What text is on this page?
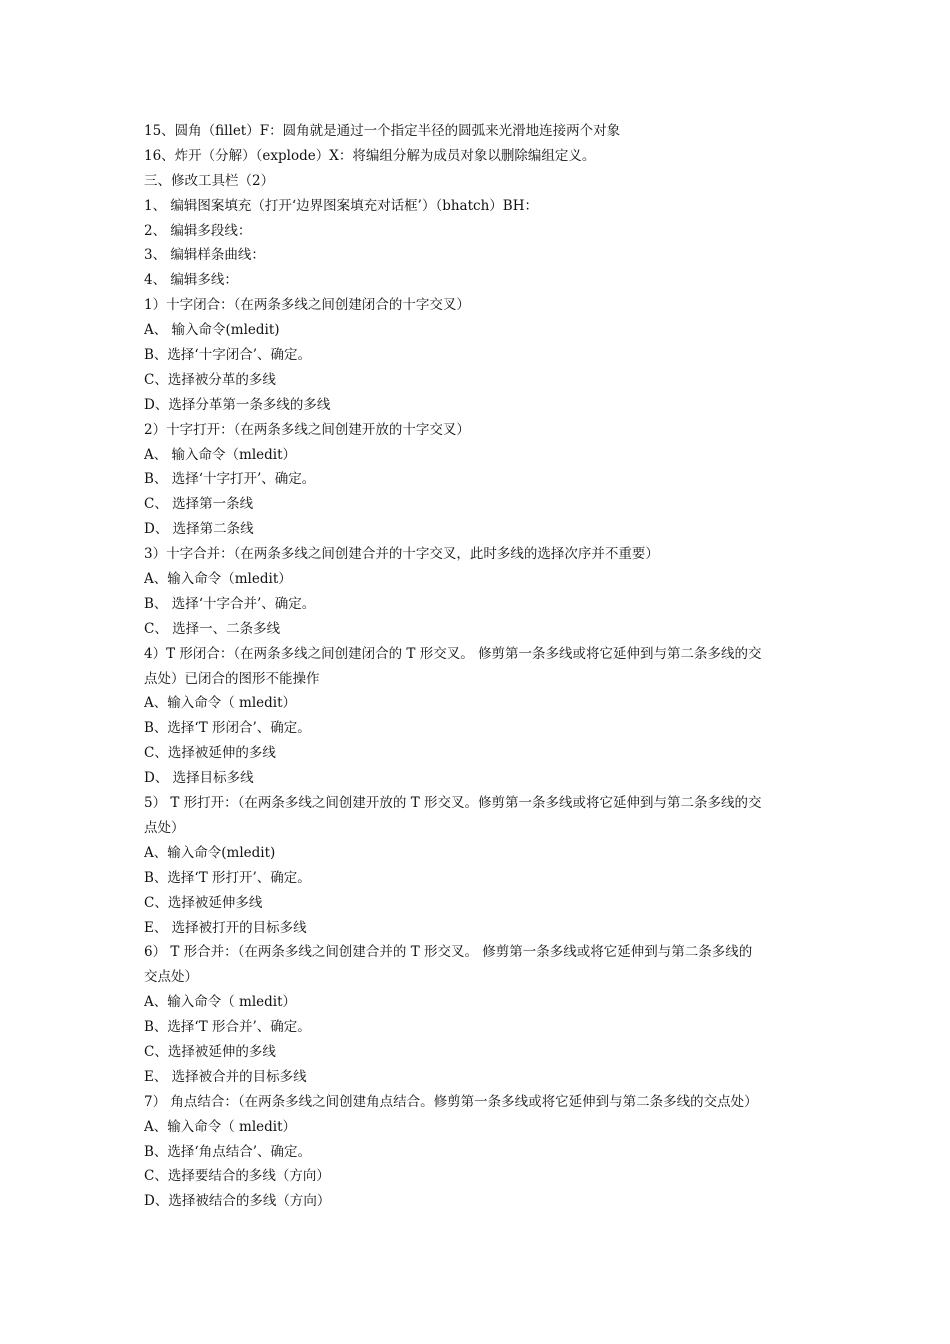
15、圆角（fillet）F：圆角就是通过一个指定半径的圆弧来光滑地连接两个对象
16、炸开（分解）（explode）X：将编组分解为成员对象以删除编组定义。
三、修改工具栏（2）
1、 编辑图案填充（打开‘边界图案填充对话框’）（bhatch）BH：
2、 编辑多段线：
3、 编辑样条曲线：
4、 编辑多线：
1）十字闭合：（在两条多线之间创建闭合的十字交叉）
A、 输入命令(mledit)
B、选择‘十字闭合’、确定。
C、选择被分革的多线
D、选择分革第一条多线的多线
2）十字打开：（在两条多线之间创建开放的十字交叉）
A、 输入命令（mledit）
B、 选择‘十字打开’、确定。
C、 选择第一条线
D、 选择第二条线
3）十字合并：（在两条多线之间创建合并的十字交叉，此时多线的选择次序并不重要）
A、输入命令（mledit）
B、 选择‘十字合并’、确定。
C、 选择一、二条多线
4）T 形闭合：（在两条多线之间创建闭合的 T 形交叉。 修剪第一条多线或将它延伸到与第二条多线的交
点处）已闭合的图形不能操作
A、输入命令（ mledit）
B、选择‘T 形闭合’、确定。
C、选择被延伸的多线
D、 选择目标多线
5） T 形打开：（在两条多线之间创建开放的 T 形交叉。修剪第一条多线或将它延伸到与第二条多线的交
点处）
A、输入命令(mledit)
B、选择‘T 形打开’、确定。
C、选择被延伸多线
E、 选择被打开的目标多线
6） T 形合并：（在两条多线之间创建合并的 T 形交叉。 修剪第一条多线或将它延伸到与第二条多线的
交点处）
A、输入命令（ mledit）
B、选择‘T 形合并’、确定。
C、选择被延伸的多线
E、 选择被合并的目标多线
7） 角点结合：（在两条多线之间创建角点结合。修剪第一条多线或将它延伸到与第二条多线的交点处）
A、输入命令（ mledit）
B、选择‘角点结合’、确定。
C、选择要结合的多线（方向）
D、选择被结合的多线（方向）
